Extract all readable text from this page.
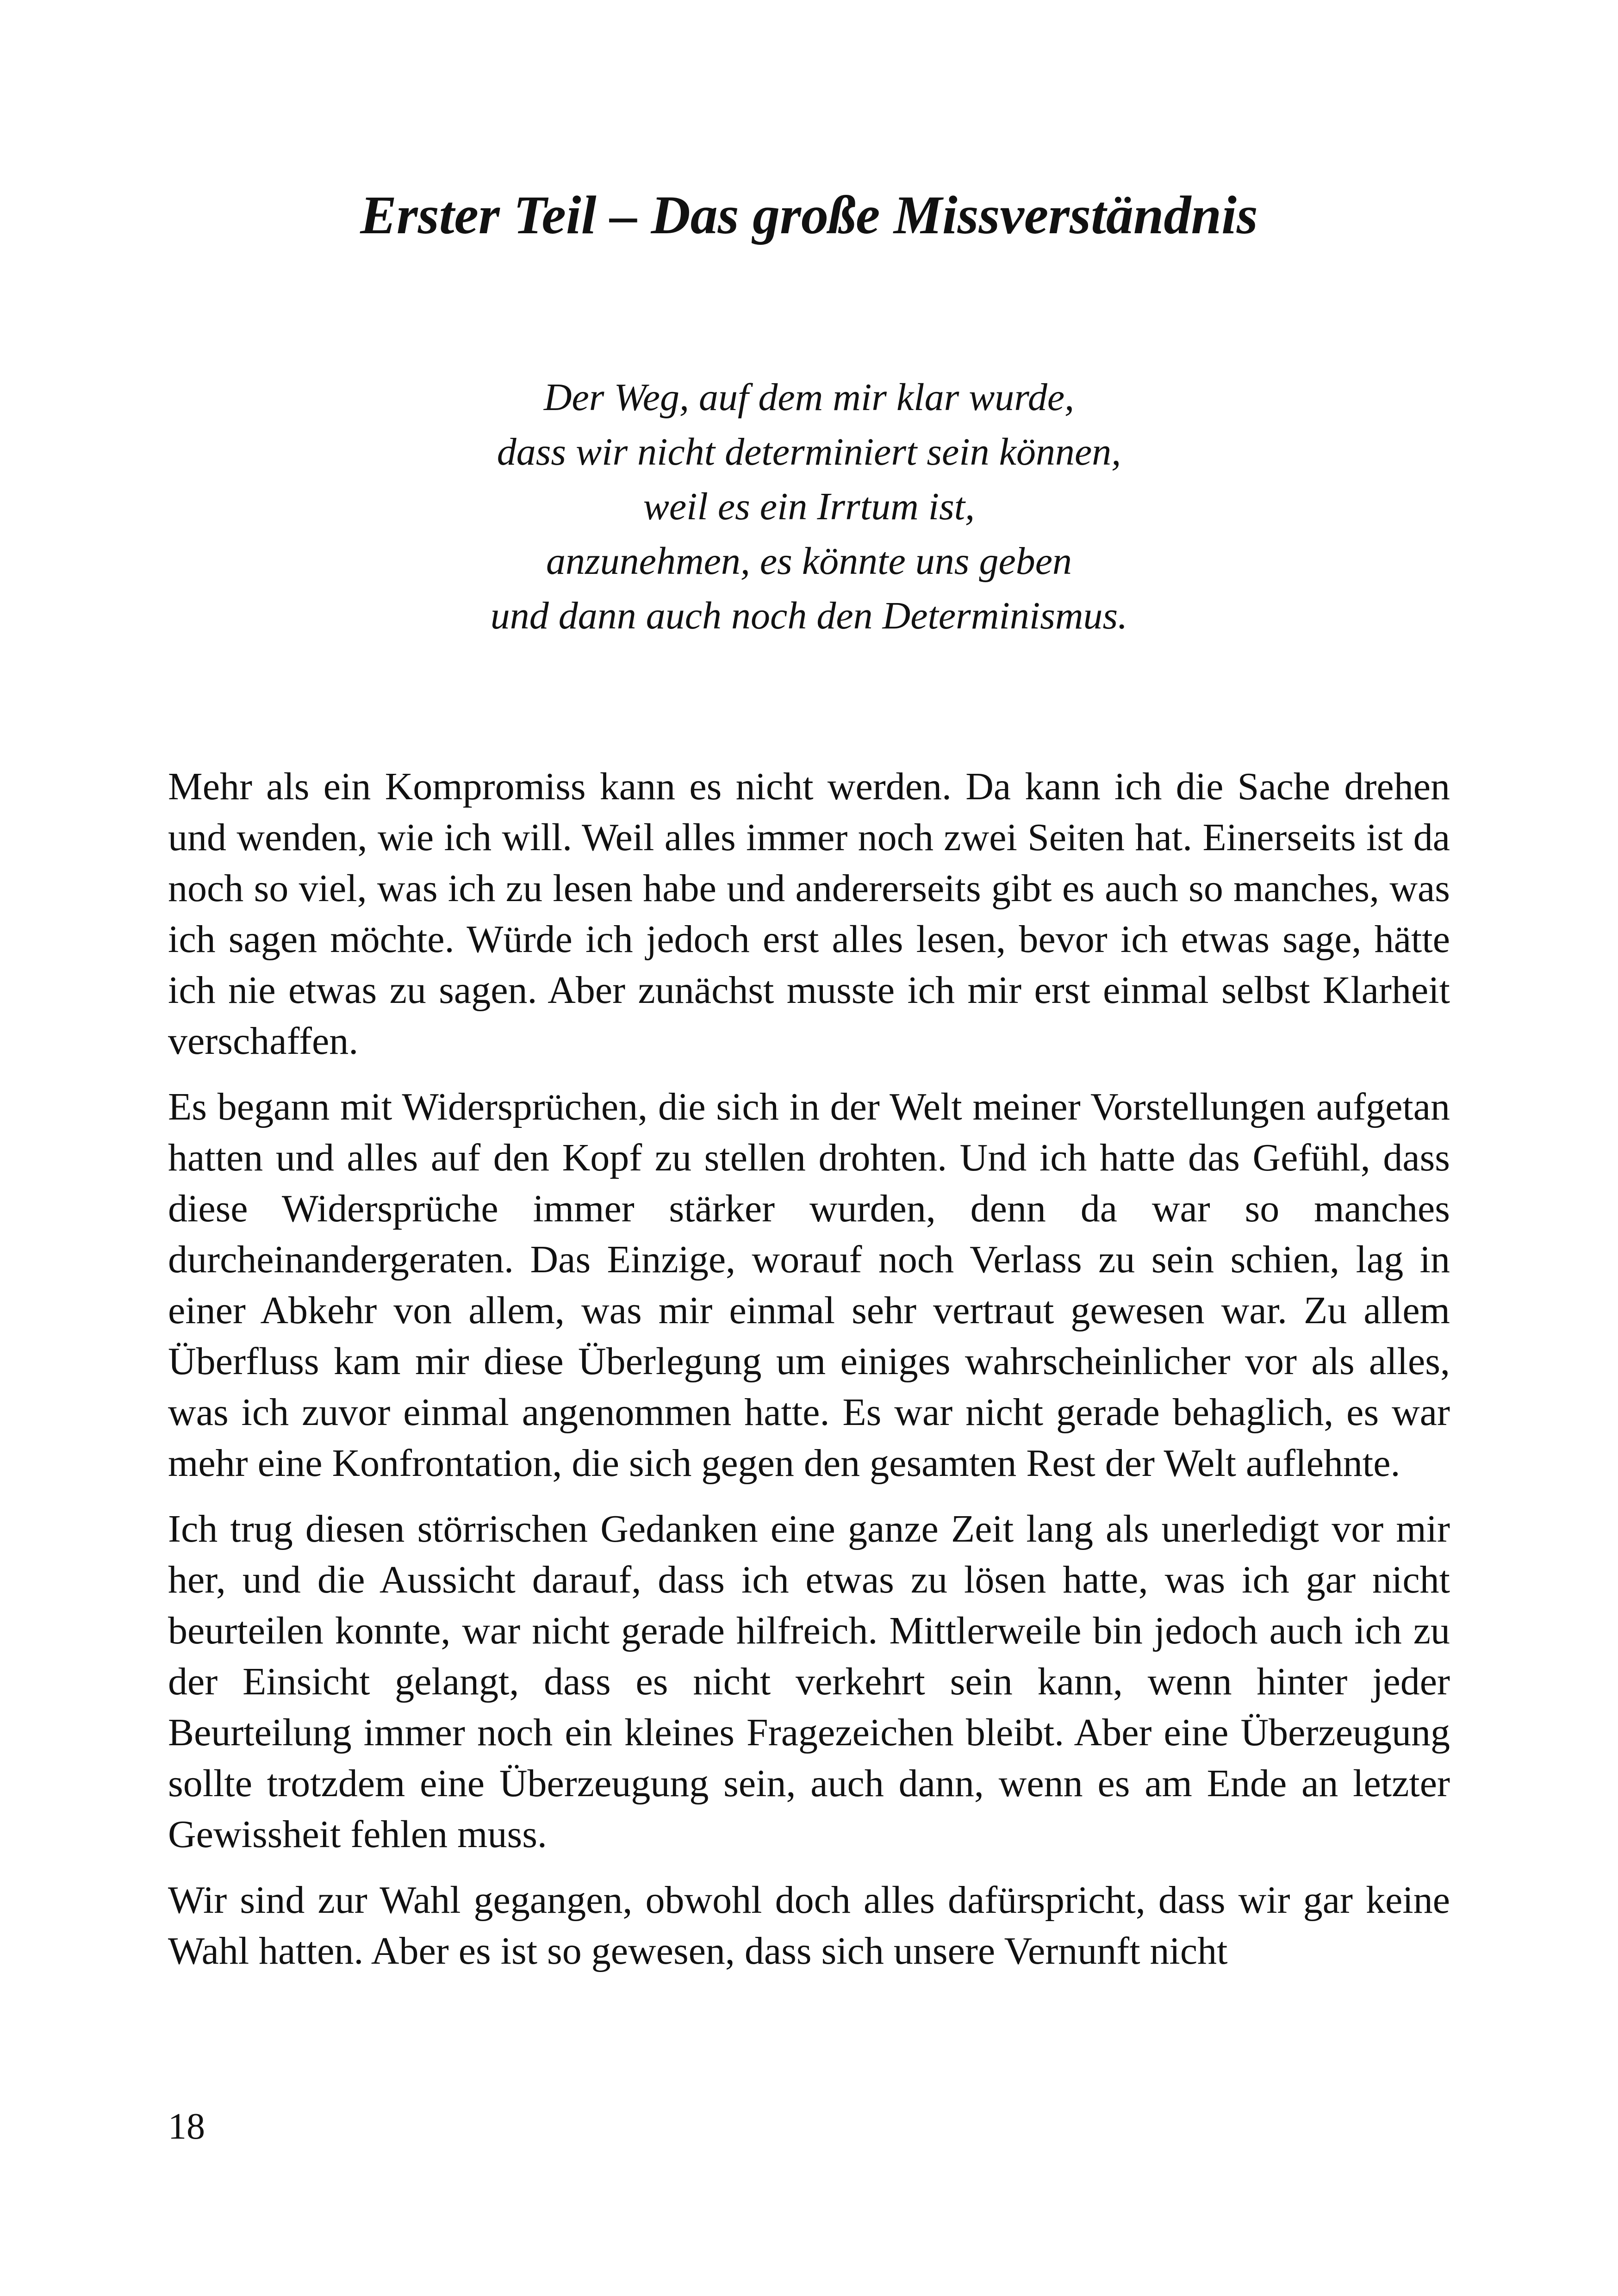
Erster Teil – Das große Missverständnis
Der Weg, auf dem mir klar wurde,
dass wir nicht determiniert sein können,
weil es ein Irrtum ist,
anzunehmen, es könnte uns geben
und dann auch noch den Determinismus.

Mehr als ein Kompromiss kann es nicht werden. Da kann ich die Sache drehen und wenden, wie ich will. Weil alles immer noch zwei Seiten hat. Einerseits ist da noch so viel, was ich zu lesen habe und andererseits gibt es auch so manches, was ich sagen möchte. Würde ich jedoch erst alles lesen, bevor ich etwas sage, hätte ich nie etwas zu sagen. Aber zunächst musste ich mir erst einmal selbst Klarheit verschaffen.

Es begann mit Widersprüchen, die sich in der Welt meiner Vorstellungen aufgetan hatten und alles auf den Kopf zu stellen drohten. Und ich hatte das Gefühl, dass diese Widersprüche immer stärker wurden, denn da war so manches durcheinandergeraten. Das Einzige, worauf noch Verlass zu sein schien, lag in einer Abkehr von allem, was mir einmal sehr vertraut gewesen war. Zu allem Überfluss kam mir diese Überlegung um einiges wahrscheinlicher vor als alles, was ich zuvor einmal angenommen hatte. Es war nicht gerade behaglich, es war mehr eine Konfrontation, die sich gegen den gesamten Rest der Welt auflehnte.

Ich trug diesen störrischen Gedanken eine ganze Zeit lang als unerledigt vor mir her, und die Aussicht darauf, dass ich etwas zu lösen hatte, was ich gar nicht beurteilen konnte, war nicht gerade hilfreich. Mittlerweile bin jedoch auch ich zu der Einsicht gelangt, dass es nicht verkehrt sein kann, wenn hinter jeder Beurteilung immer noch ein kleines Fragezeichen bleibt. Aber eine Überzeugung sollte trotzdem eine Überzeugung sein, auch dann, wenn es am Ende an letzter Gewissheit fehlen muss.

Wir sind zur Wahl gegangen, obwohl doch alles dafürspricht, dass wir gar keine Wahl hatten. Aber es ist so gewesen, dass sich unsere Vernunft nicht

18
